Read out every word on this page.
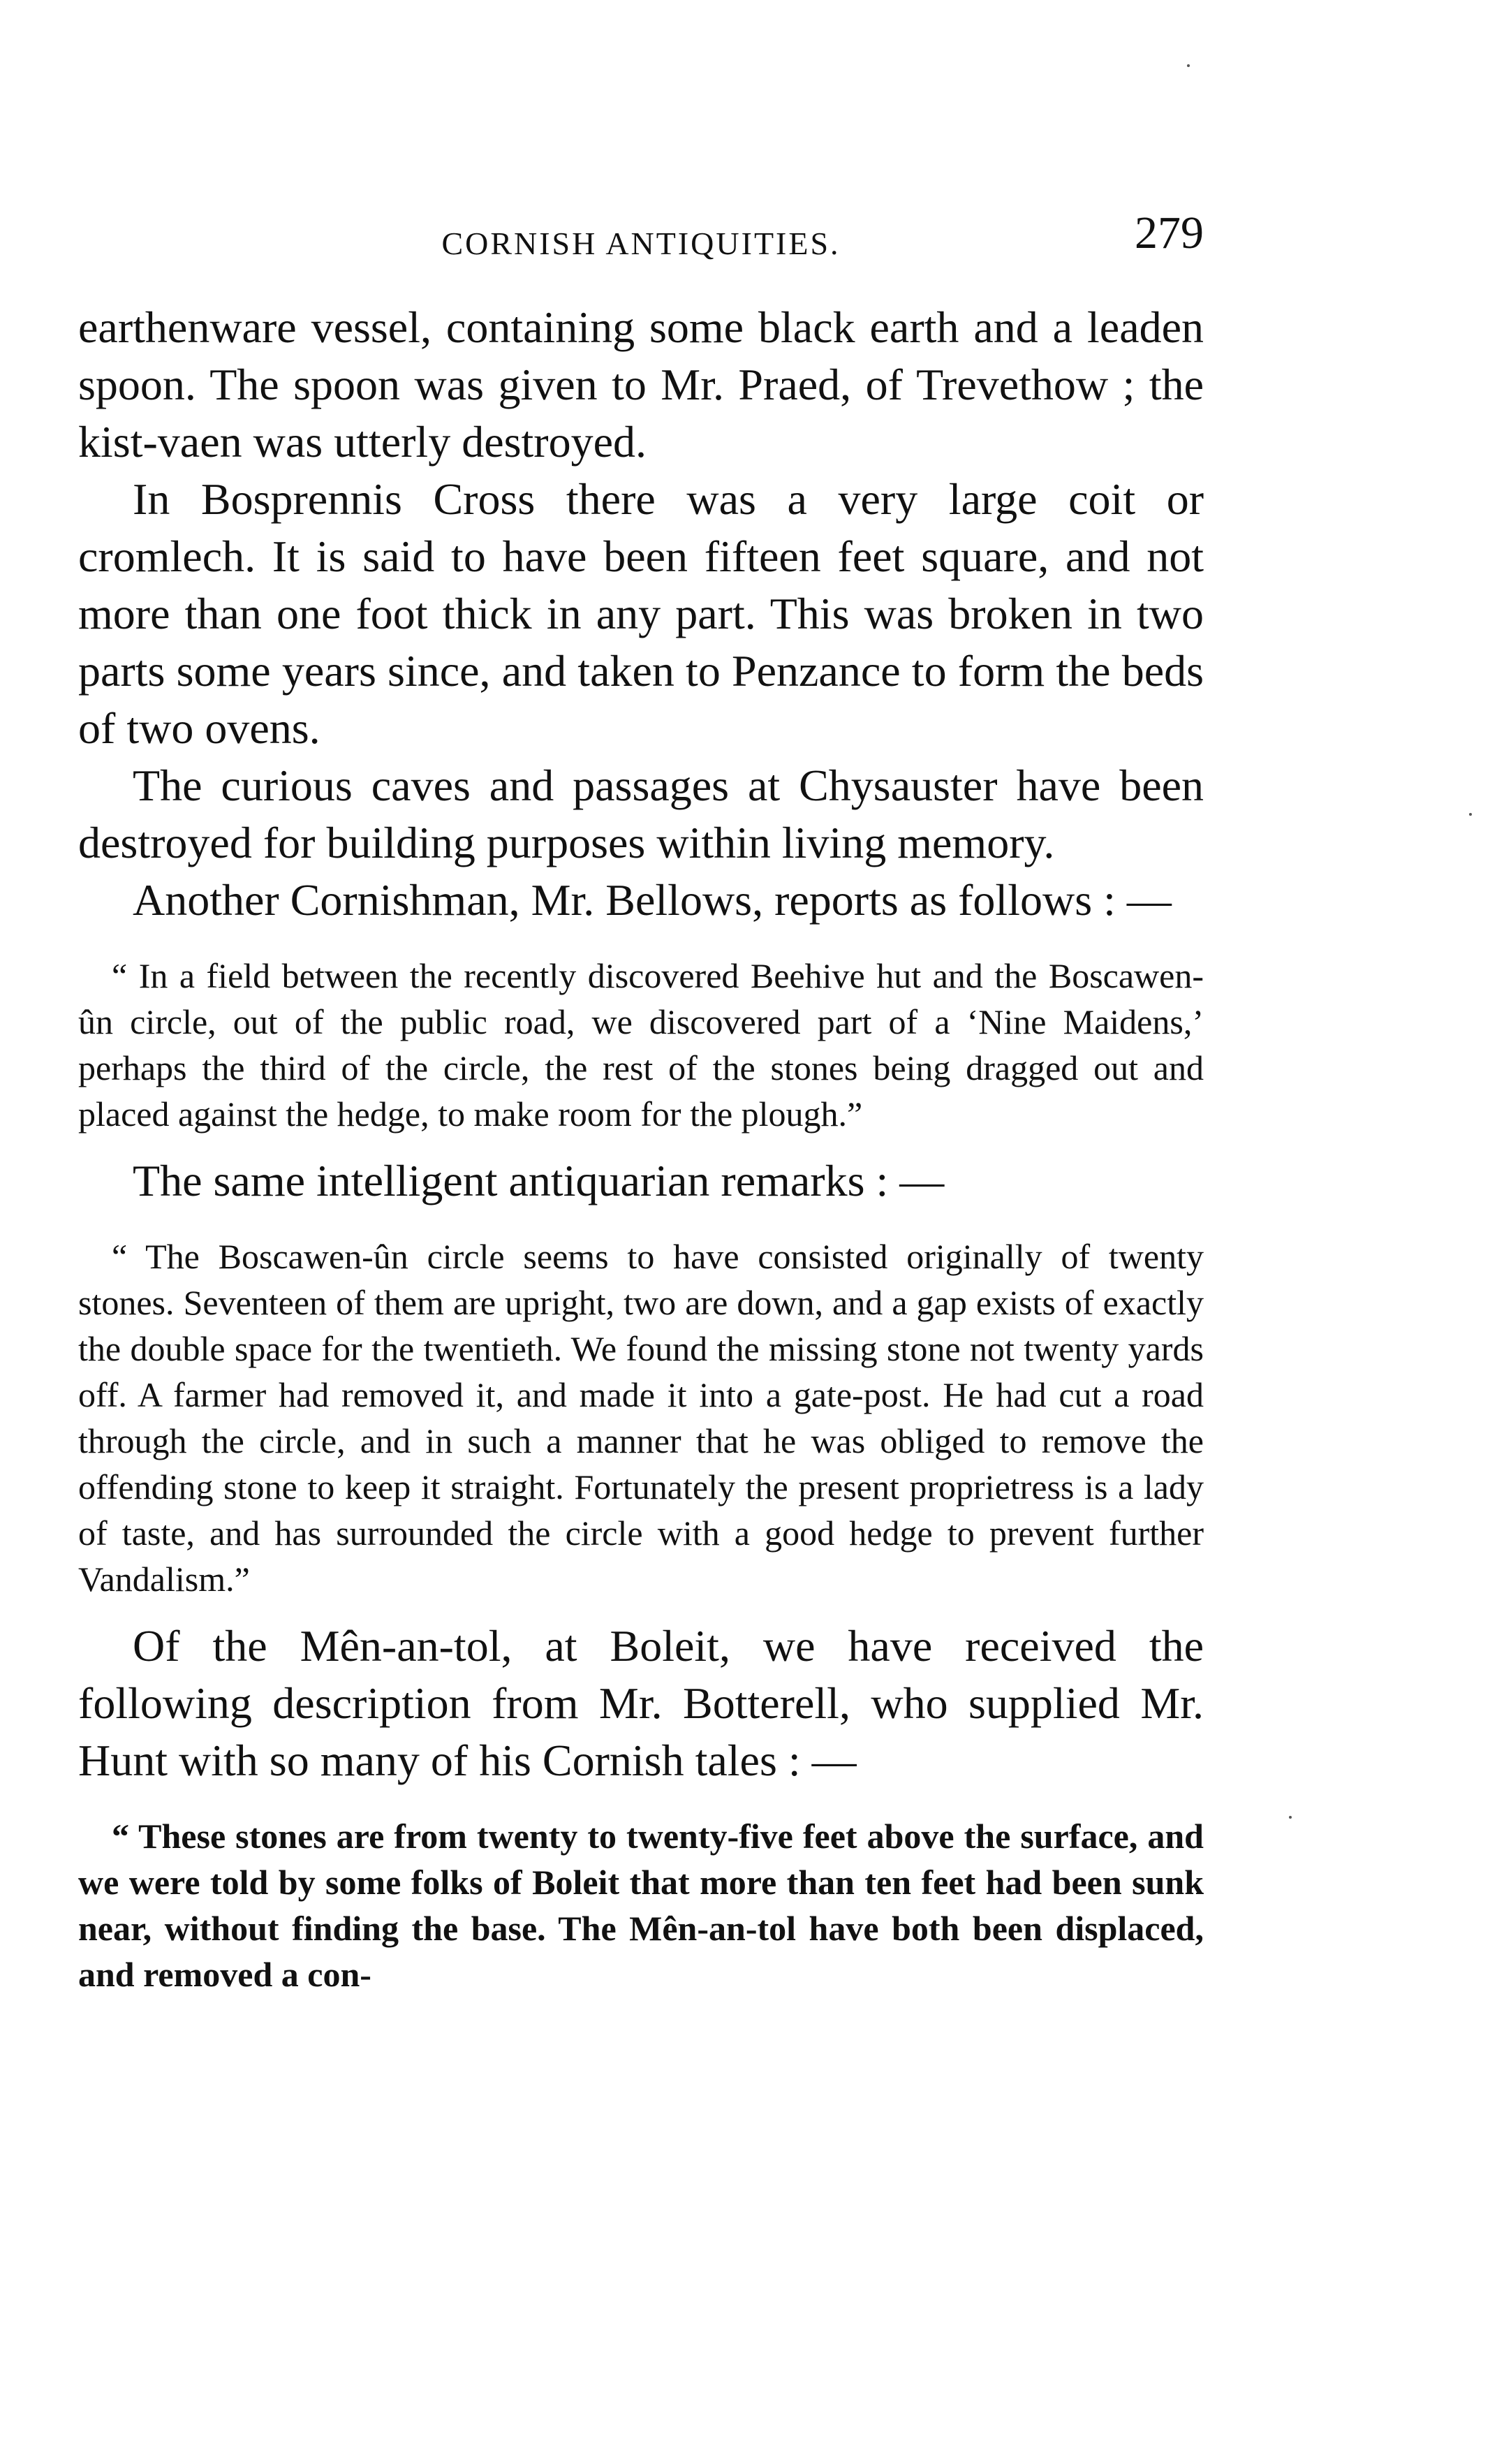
CORNISH ANTIQUITIES.	279

earthenware vessel, containing some black earth and a leaden spoon. The spoon was given to Mr. Praed, of Trevethow ; the kist-vaen was utterly destroyed.

In Bosprennis Cross there was a very large coit or cromlech. It is said to have been fifteen feet square, and not more than one foot thick in any part. This was broken in two parts some years since, and taken to Penzance to form the beds of two ovens.

The curious caves and passages at Chysauster have been destroyed for building purposes within living memory.

Another Cornishman, Mr. Bellows, reports as follows : —

“ In a field between the recently discovered Beehive hut and the Boscawen-ûn circle, out of the public road, we discovered part of a ‘Nine Maidens,’ perhaps the third of the circle, the rest of the stones being dragged out and placed against the hedge, to make room for the plough.”

The same intelligent antiquarian remarks : —

“ The Boscawen-ûn circle seems to have consisted originally of twenty stones. Seventeen of them are upright, two are down, and a gap exists of exactly the double space for the twentieth. We found the missing stone not twenty yards off. A farmer had removed it, and made it into a gate-post. He had cut a road through the circle, and in such a manner that he was obliged to remove the offending stone to keep it straight. Fortunately the present proprietress is a lady of taste, and has surrounded the circle with a good hedge to prevent further Vandalism.”

Of the Mên-an-tol, at Boleit, we have received the following description from Mr. Botterell, who supplied Mr. Hunt with so many of his Cornish tales : —

“ These stones are from twenty to twenty-five feet above the surface, and we were told by some folks of Boleit that more than ten feet had been sunk near, without finding the base. The Mên-an-tol have both been displaced, and removed a con-
